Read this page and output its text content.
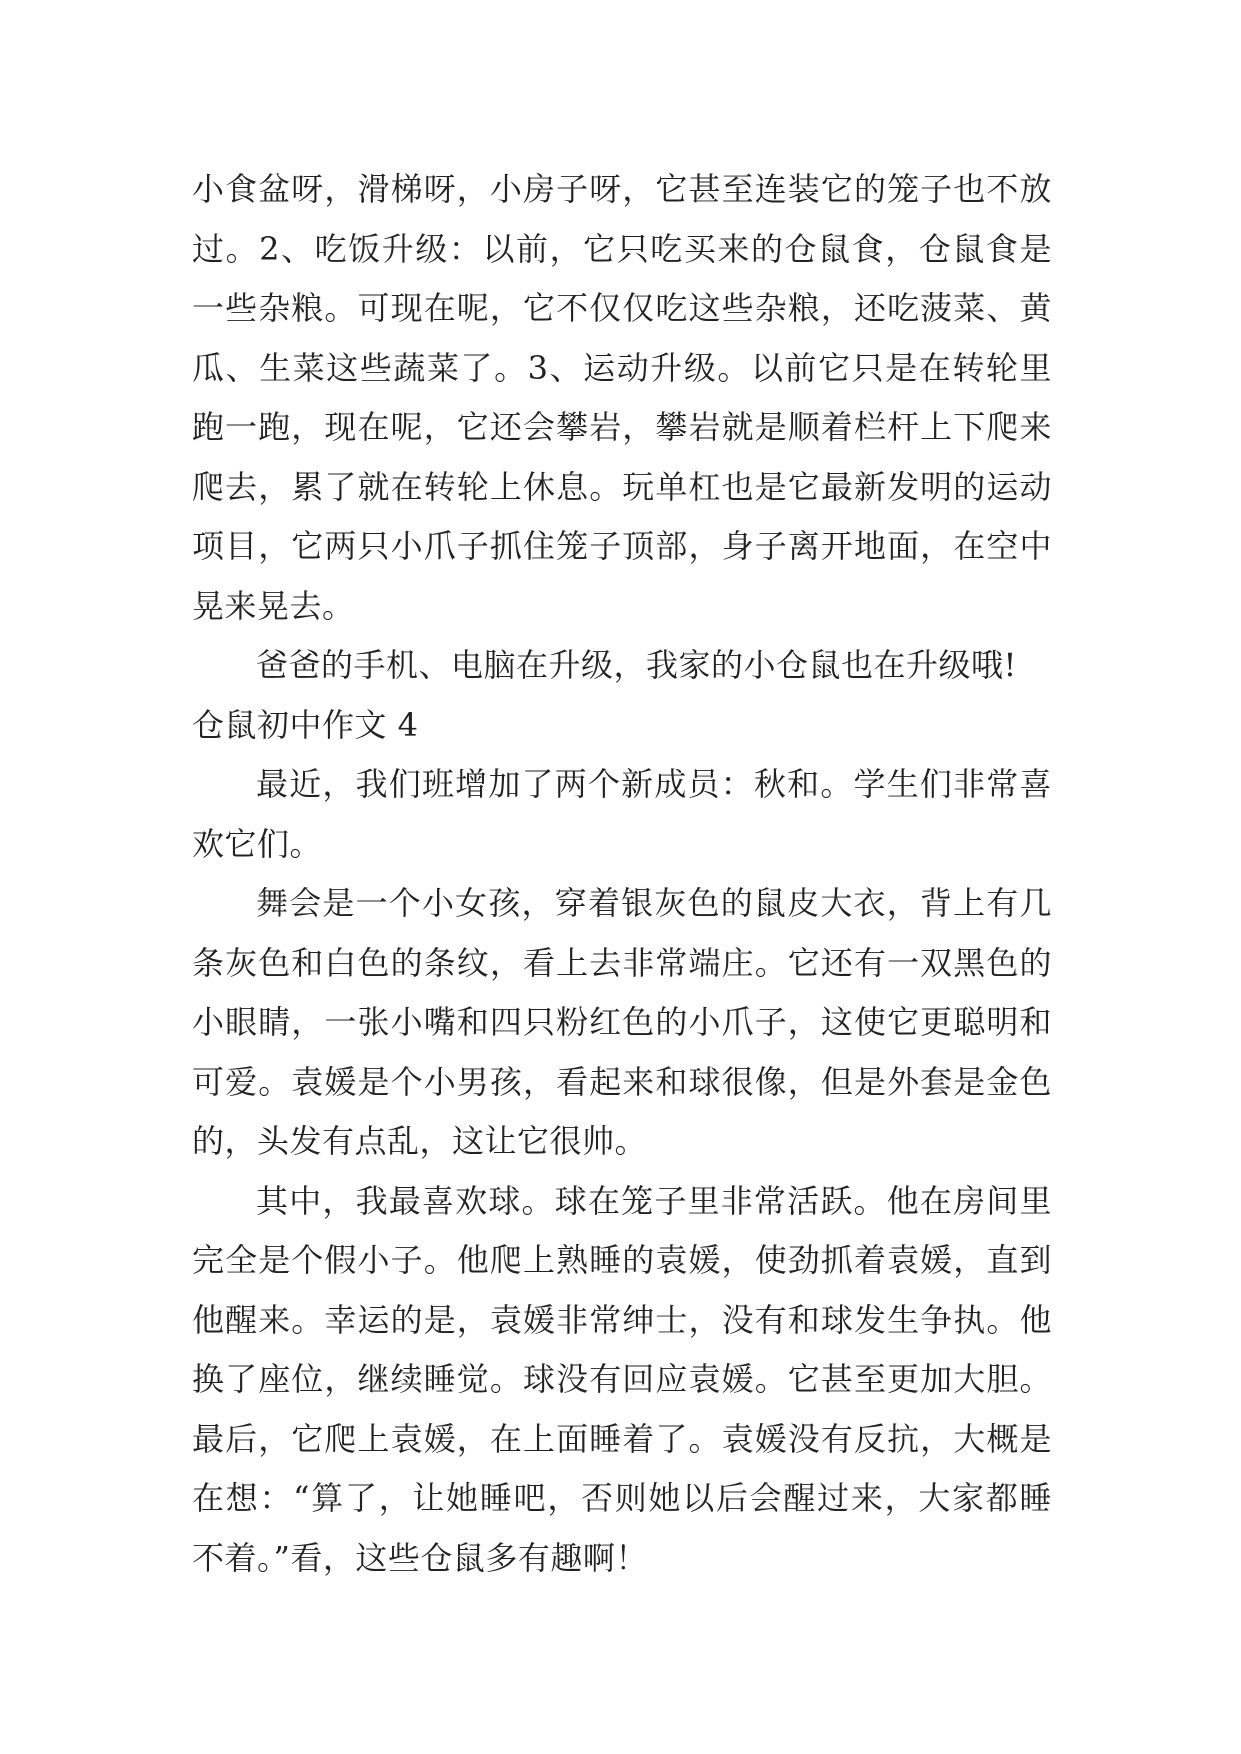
小食盆呀，滑梯呀，小房子呀，它甚至连装它的笼子也不放过。2、吃饭升级：以前，它只吃买来的仓鼠食，仓鼠食是一些杂粮。可现在呢，它不仅仅吃这些杂粮，还吃菠菜、黄瓜、生菜这些蔬菜了。3、运动升级。以前它只是在转轮里跑一跑，现在呢，它还会攀岩，攀岩就是顺着栏杆上下爬来爬去，累了就在转轮上休息。玩单杠也是它最新发明的运动项目，它两只小爪子抓住笼子顶部，身子离开地面，在空中晃来晃去。

爸爸的手机、电脑在升级，我家的小仓鼠也在升级哦!

仓鼠初中作文 4

最近，我们班增加了两个新成员：秋和。学生们非常喜欢它们。

舞会是一个小女孩，穿着银灰色的鼠皮大衣，背上有几条灰色和白色的条纹，看上去非常端庄。它还有一双黑色的小眼睛，一张小嘴和四只粉红色的小爪子，这使它更聪明和可爱。袁媛是个小男孩，看起来和球很像，但是外套是金色的，头发有点乱，这让它很帅。

其中，我最喜欢球。球在笼子里非常活跃。他在房间里完全是个假小子。他爬上熟睡的袁媛，使劲抓着袁媛，直到他醒来。幸运的是，袁媛非常绅士，没有和球发生争执。他换了座位，继续睡觉。球没有回应袁媛。它甚至更加大胆。最后，它爬上袁媛，在上面睡着了。袁媛没有反抗，大概是在想：“算了，让她睡吧，否则她以后会醒过来，大家都睡不着。”看，这些仓鼠多有趣啊！
